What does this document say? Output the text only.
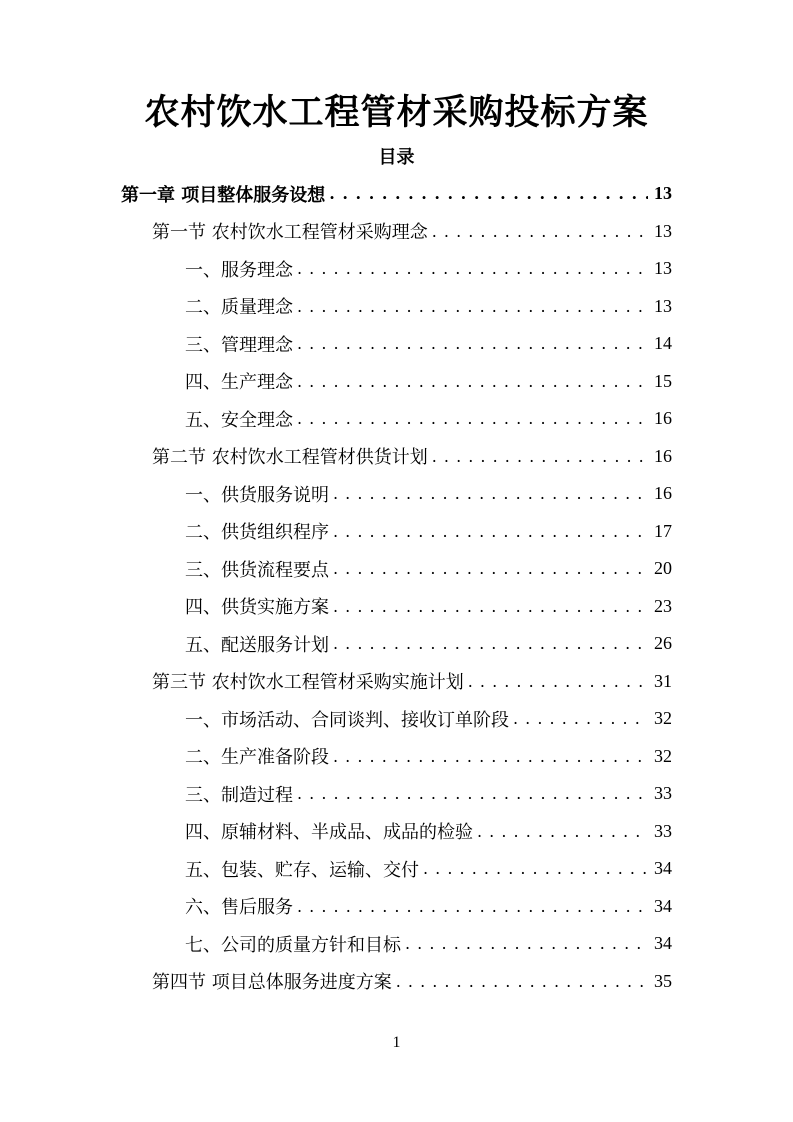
农村饮水工程管材采购投标方案
目录
第一章 项目整体服务设想 . . .	13
第一节 农村饮水工程管材采购理念 . . .	13
一、服务理念 . . .	13
二、质量理念 . . .	13
三、管理理念 . . .	14
四、生产理念 . . .	15
五、安全理念 . . .	16
第二节 农村饮水工程管材供货计划 . . .	16
一、供货服务说明 . . .	16
二、供货组织程序 . . .	17
三、供货流程要点 . . .	20
四、供货实施方案 . . .	23
五、配送服务计划 . . .	26
第三节 农村饮水工程管材采购实施计划 . . .	31
一、市场活动、合同谈判、接收订单阶段 . . .	32
二、生产准备阶段 . . .	32
三、制造过程 . . .	33
四、原辅材料、半成品、成品的检验 . . .	33
五、包装、贮存、运输、交付 . . .	34
六、售后服务 . . .	34
七、公司的质量方针和目标 . . .	34
第四节 项目总体服务进度方案 . . .	35
1
